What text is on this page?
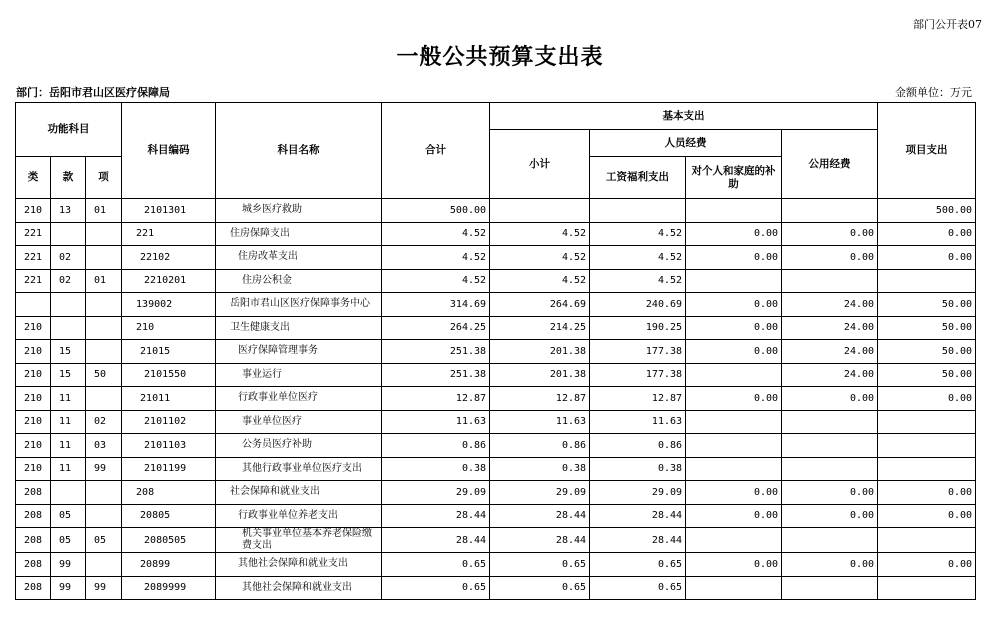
部门公开表07
一般公共预算支出表
部门：岳阳市君山区医疗保障局	金额单位：万元
功能科目			科目编码	科目名称	合计	基本支出				项目支出
						小计	人员经费		公用经费	
类	款	项					工资福利支出	对个人和家庭的补助		
210	13	01	2101301	城乡医疗救助	500.00					500.00
221			221	住房保障支出	4.52	4.52	4.52	0.00	0.00	0.00
221	02		22102	住房改革支出	4.52	4.52	4.52	0.00	0.00	0.00
221	02	01	2210201	住房公积金	4.52	4.52	4.52			
			139002	岳阳市君山区医疗保障事务中心	314.69	264.69	240.69	0.00	24.00	50.00
210			210	卫生健康支出	264.25	214.25	190.25	0.00	24.00	50.00
210	15		21015	医疗保障管理事务	251.38	201.38	177.38	0.00	24.00	50.00
210	15	50	2101550	事业运行	251.38	201.38	177.38		24.00	50.00
210	11		21011	行政事业单位医疗	12.87	12.87	12.87	0.00	0.00	0.00
210	11	02	2101102	事业单位医疗	11.63	11.63	11.63			
210	11	03	2101103	公务员医疗补助	0.86	0.86	0.86			
210	11	99	2101199	其他行政事业单位医疗支出	0.38	0.38	0.38			
208			208	社会保障和就业支出	29.09	29.09	29.09	0.00	0.00	0.00
208	05		20805	行政事业单位养老支出	28.44	28.44	28.44	0.00	0.00	0.00
208	05	05	2080505	机关事业单位基本养老保险缴费支出	28.44	28.44	28.44			
208	99		20899	其他社会保障和就业支出	0.65	0.65	0.65	0.00	0.00	0.00
208	99	99	2089999	其他社会保障和就业支出	0.65	0.65	0.65			
